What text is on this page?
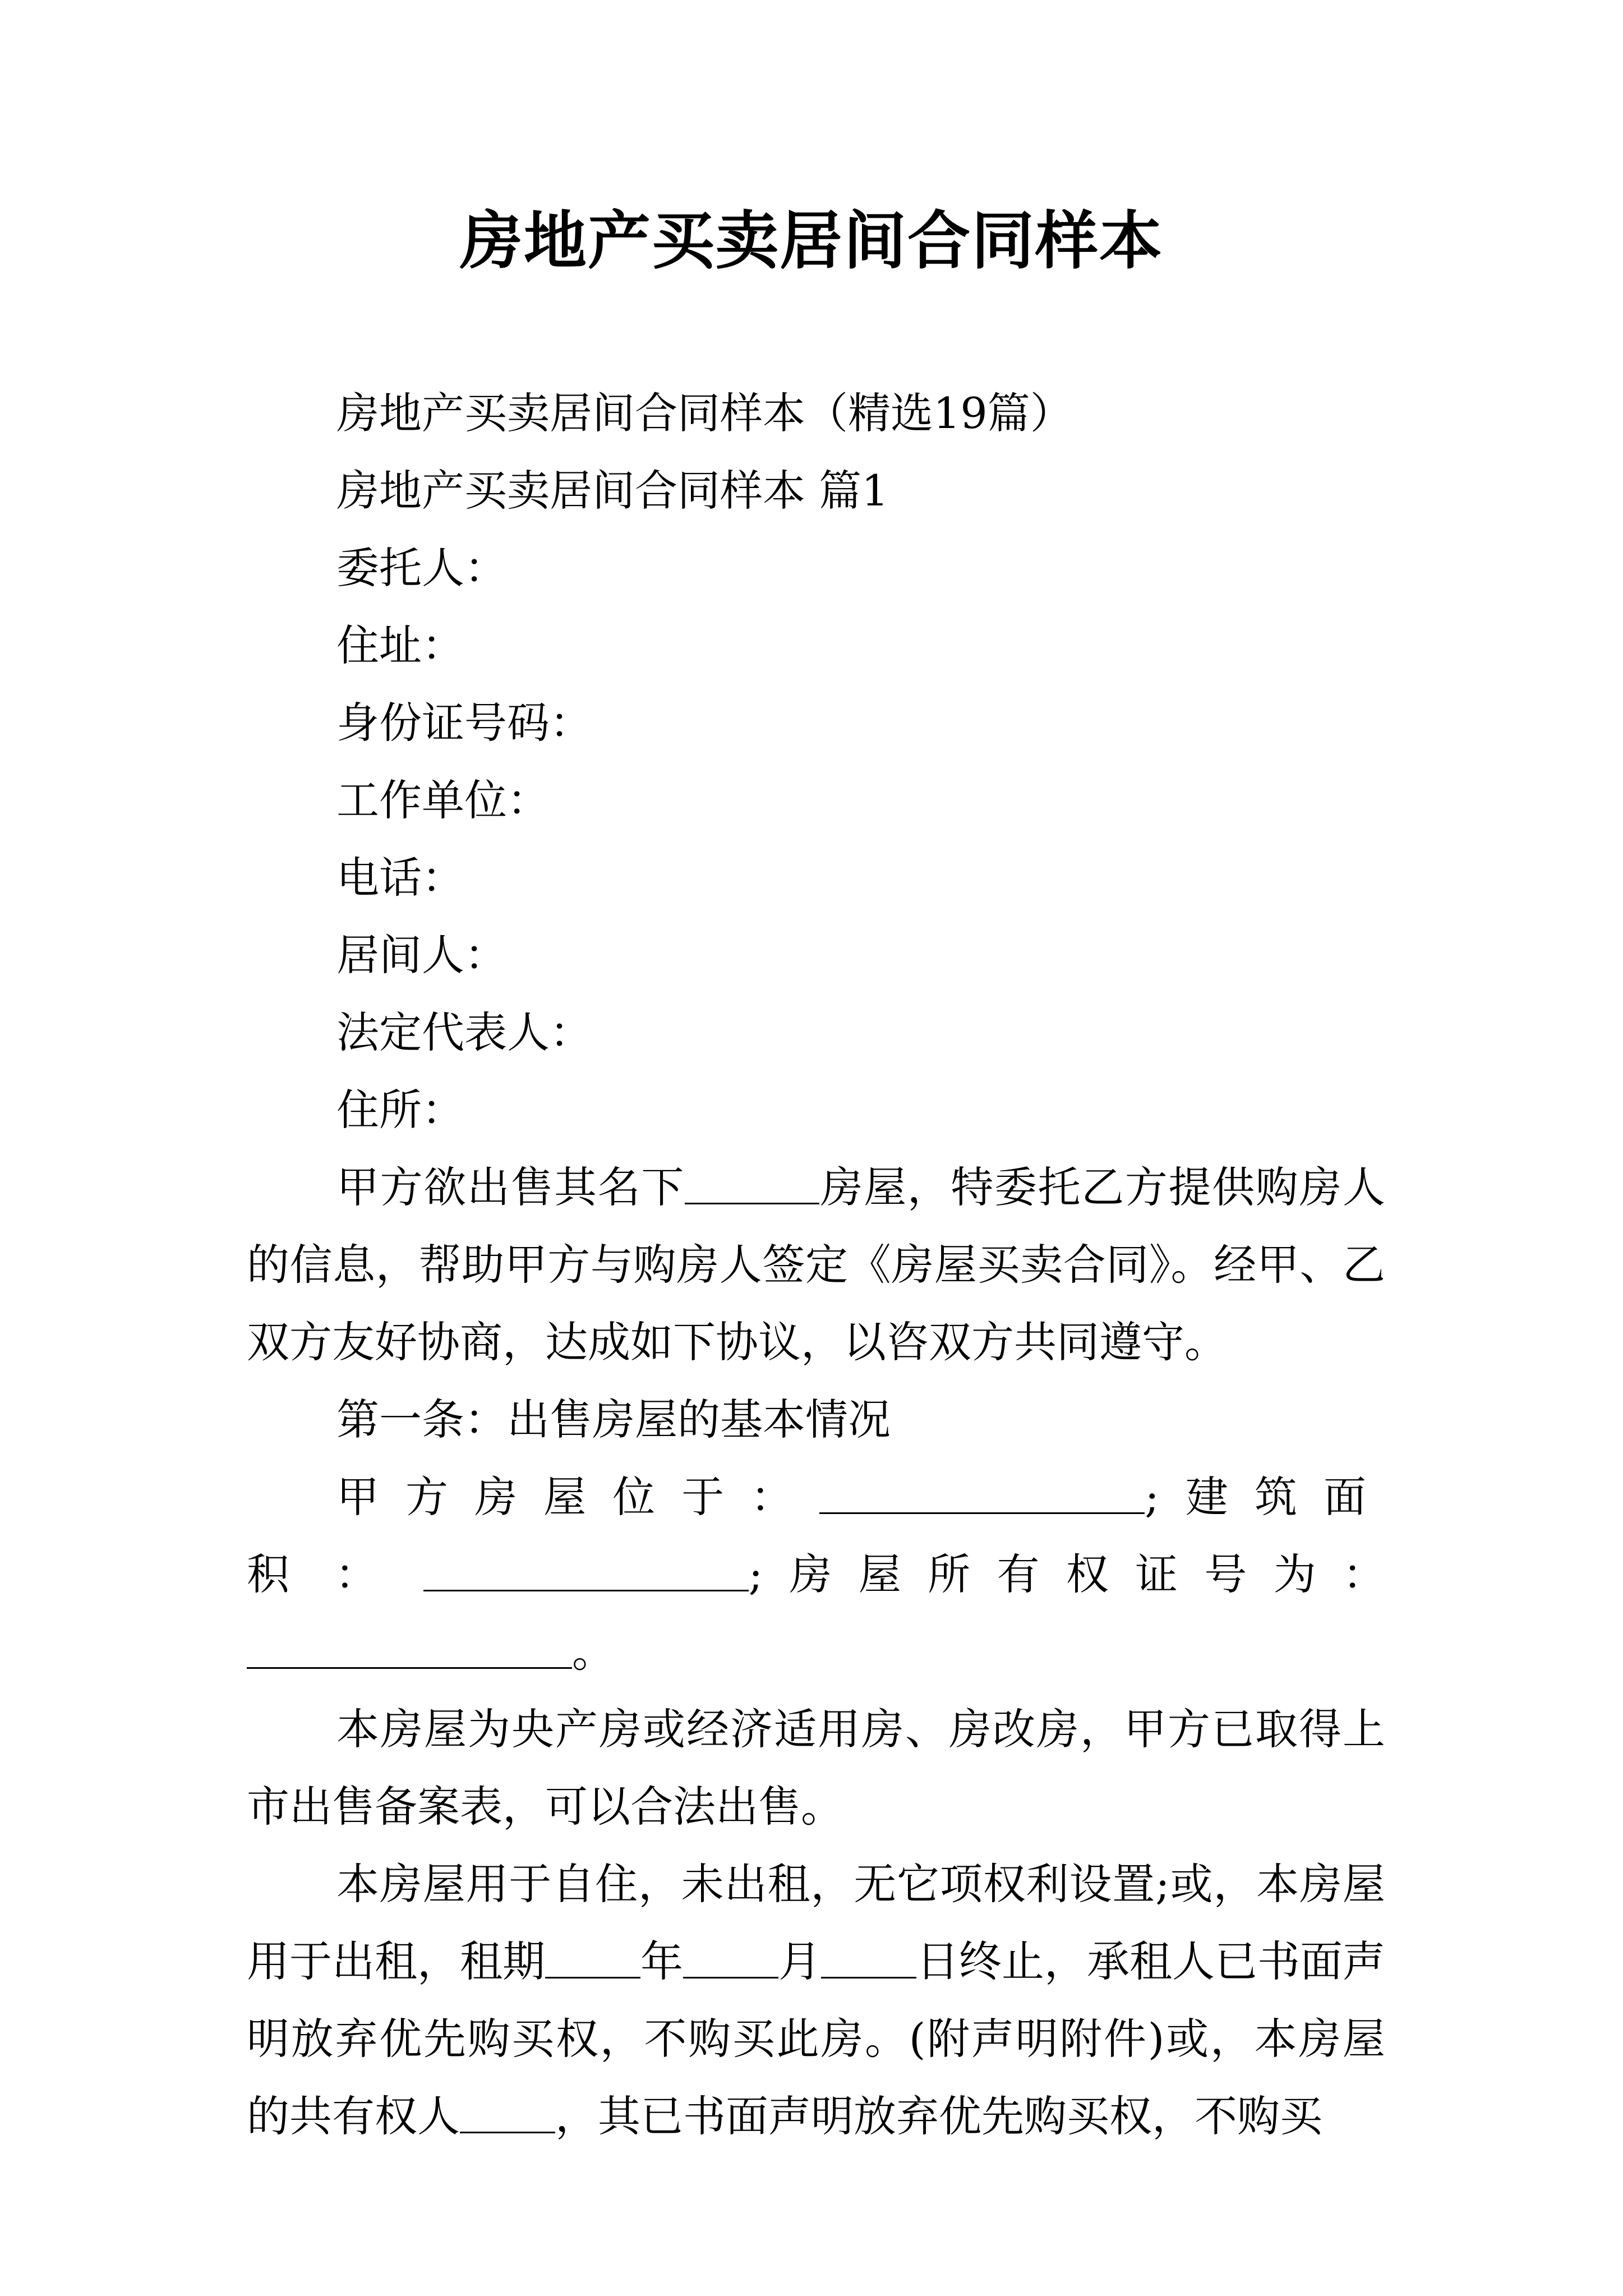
房地产买卖居间合同样本

房地产买卖居间合同样本（精选19篇）

房地产买卖居间合同样本 篇1

委托人：

住址：

身份证号码：

工作单位：

电话：

居间人：

法定代表人：

住所：

甲方欲出售其名下	房屋，特委托乙方提供购房人的信息，帮助甲方与购房人签定《房屋买卖合同》。经甲、乙双方友好协商，达成如下协议，以咨双方共同遵守。

第一条：出售房屋的基本情况

甲方房屋位于：	;建筑面积：	;房屋所有权证号为：。

本房屋为央产房或经济适用房、房改房，甲方已取得上市出售备案表，可以合法出售。

本房屋用于自住，未出租，无它项权利设置;或，本房屋用于出租，租期 年 月 日终止，承租人已书面声明放弃优先购买权，不购买此房。(附声明附件)或，本房屋的共有权人 ，其已书面声明放弃优先购买权，不购买
